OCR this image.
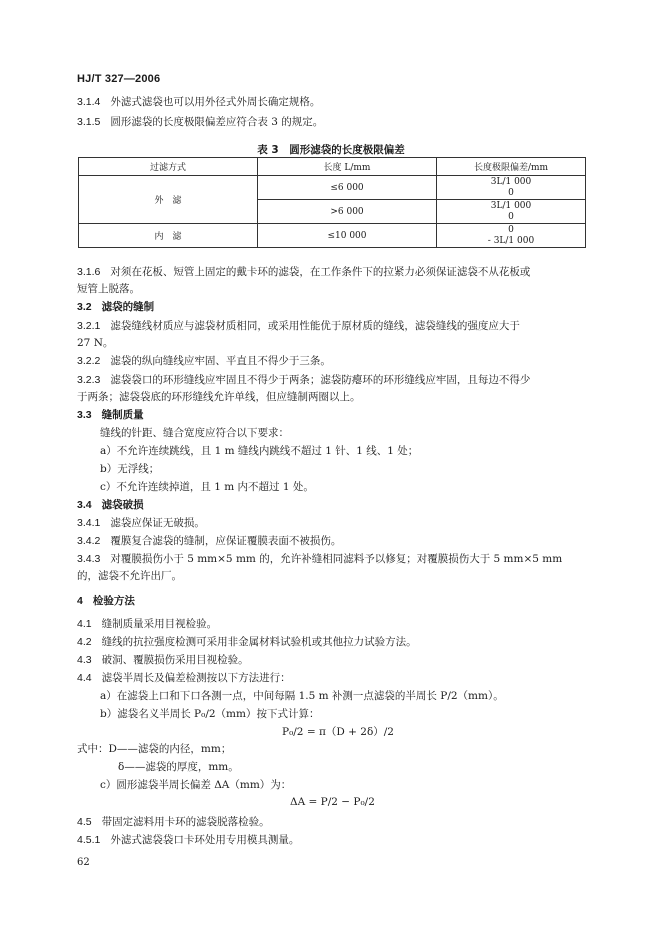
HJ/T 327—2006
3.1.4 外滤式滤袋也可以用外径式外周长确定规格。
3.1.5 圆形滤袋的长度极限偏差应符合表 3 的规定。
表 3　圆形滤袋的长度极限偏差
过滤方式	长度 L/mm	长度极限偏差/mm
外　滤	≤6 000	3L/1 000
0

	>6 000	3L/1 000
0

内　滤	≤10 000	0
- 3L/1 000
3.1.6 对须在花板、短管上固定的戴卡环的滤袋，在工作条件下的拉紧力必须保证滤袋不从花板或
短管上脱落。
3.2 滤袋的缝制
3.2.1 滤袋缝线材质应与滤袋材质相同，或采用性能优于原材质的缝线，滤袋缝线的强度应大于
27 N。
3.2.2 滤袋的纵向缝线应牢固、平直且不得少于三条。
3.2.3 滤袋袋口的环形缝线应牢固且不得少于两条；滤袋防瘪环的环形缝线应牢固，且每边不得少
于两条；滤袋袋底的环形缝线允许单线，但应缝制两圈以上。
3.3 缝制质量
缝线的针距、缝合宽度应符合以下要求：
a）不允许连续跳线，且 1 m 缝线内跳线不超过 1 针、1 线、1 处；
b）无浮线；
c）不允许连续掉道，且 1 m 内不超过 1 处。
3.4 滤袋破损
3.4.1 滤袋应保证无破损。
3.4.2 覆膜复合滤袋的缝制，应保证覆膜表面不被损伤。
3.4.3 对覆膜损伤小于 5 mm×5 mm 的，允许补缝相同滤料予以修复；对覆膜损伤大于 5 mm×5 mm
的，滤袋不允许出厂。
4 检验方法
4.1 缝制质量采用目视检验。
4.2 缝线的抗拉强度检测可采用非金属材料试验机或其他拉力试验方法。
4.3 破洞、覆膜损伤采用目视检验。
4.4 滤袋半周长及偏差检测按以下方法进行：
a）在滤袋上口和下口各测一点，中间每隔 1.5 m 补测一点滤袋的半周长 P/2（mm）。
b）滤袋名义半周长 P₀/2（mm）按下式计算：
P₀/2 = π（D + 2δ）/2
式中：D——滤袋的内径，mm；
δ——滤袋的厚度，mm。
c）圆形滤袋半周长偏差 ΔA（mm）为：
ΔA = P/2 − P₀/2
4.5 带固定滤料用卡环的滤袋脱落检验。
4.5.1 外滤式滤袋袋口卡环处用专用模具测量。
62
